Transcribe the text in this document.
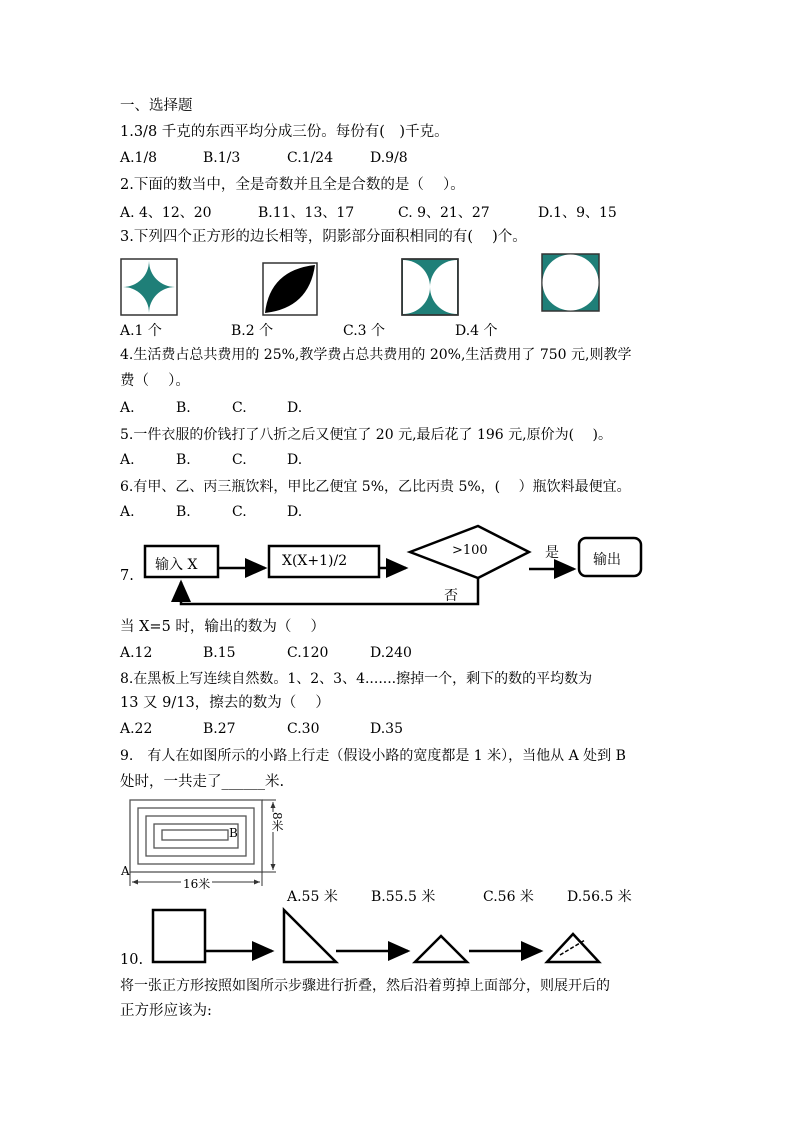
一、选择题
1.3/8 千克的东西平均分成三份。每份有(　)千克。
A.1/8	B.1/3	C.1/24	D.9/8
2.下面的数当中，全是奇数并且全是合数的是（　 ）。
A. 4、12、20	B.11、13、17	C. 9、21、27	D.1、9、15
3.下列四个正方形的边长相等，阴影部分面积相同的有(　 )个。
A.1 个	B.2 个	C.3 个	D.4 个
4.生活费占总共费用的 25%,教学费占总共费用的 20%,生活费用了 750 元,则教学
费（　 ）。
A.	B.	C.	D.
5.一件衣服的价钱打了八折之后又便宜了 20 元,最后花了 196 元,原价为(　 )。
A.	B.	C.	D.
6.有甲、乙、丙三瓶饮料，甲比乙便宜 5%，乙比丙贵 5%，(　 ）瓶饮料最便宜。
A.	B.	C.	D.
7.
输入 X	X(X+1)/2
>100	是 输出
否
当 X=5 时，输出的数为（　 ）
A.12	B.15	C.120	D.240
8.在黑板上写连续自然数。1、2、3、4.......擦掉一个，剩下的数的平均数为
13 又 9/13，擦去的数为（　 ）
A.22	B.27	C.30	D.35
9.　有人在如图所示的小路上行走（假设小路的宽度都是 1 米），当他从 A 处到 B
处时，一共走了______米.
A
B
16米
8米
A.55 米 B.55.5 米	C.56 米 D.56.5 米
10.
将一张正方形按照如图所示步骤进行折叠，然后沿着剪掉上面部分，则展开后的
正方形应该为:
